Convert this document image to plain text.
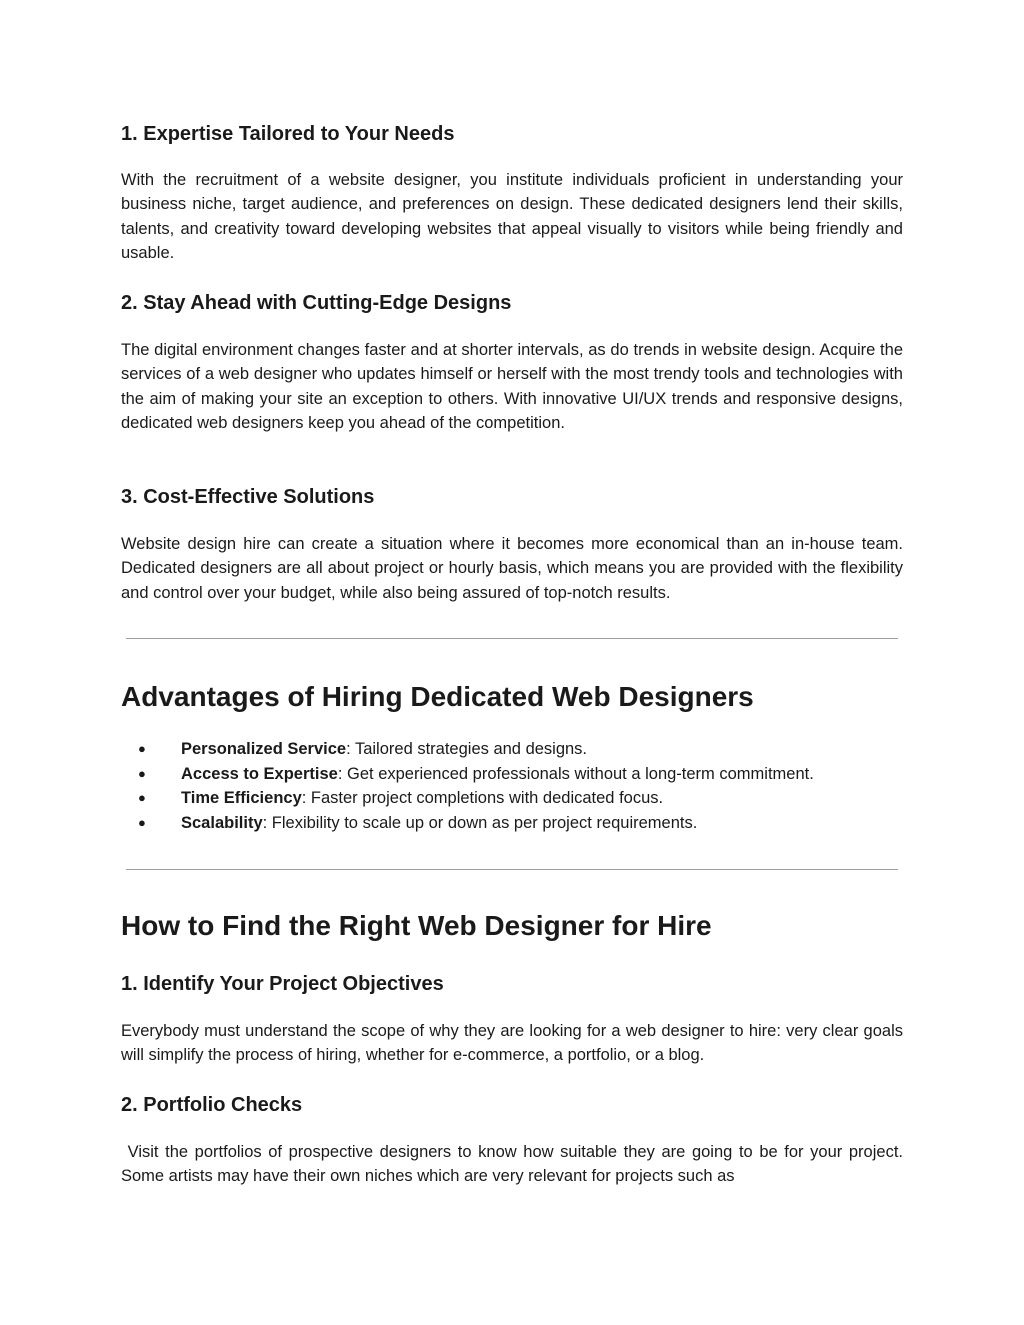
1. Expertise Tailored to Your Needs

With the recruitment of a website designer, you institute individuals proficient in understanding your business niche, target audience, and preferences on design. These dedicated designers lend their skills, talents, and creativity toward developing websites that appeal visually to visitors while being friendly and usable.

2. Stay Ahead with Cutting-Edge Designs

The digital environment changes faster and at shorter intervals, as do trends in website design. Acquire the services of a web designer who updates himself or herself with the most trendy tools and technologies with the aim of making your site an exception to others. With innovative UI/UX trends and responsive designs, dedicated web designers keep you ahead of the competition.

3. Cost-Effective Solutions

Website design hire can create a situation where it becomes more economical than an in-house team. Dedicated designers are all about project or hourly basis, which means you are provided with the flexibility and control over your budget, while also being assured of top-notch results.

Advantages of Hiring Dedicated Web Designers
● Personalized Service: Tailored strategies and designs.
● Access to Expertise: Get experienced professionals without a long-term commitment.
● Time Efficiency: Faster project completions with dedicated focus.
● Scalability: Flexibility to scale up or down as per project requirements.
How to Find the Right Web Designer for Hire
1. Identify Your Project Objectives

Everybody must understand the scope of why they are looking for a web designer to hire: very clear goals will simplify the process of hiring, whether for e-commerce, a portfolio, or a blog.

2. Portfolio Checks

Visit the portfolios of prospective designers to know how suitable they are going to be for your project. Some artists may have their own niches which are very relevant for projects such as
